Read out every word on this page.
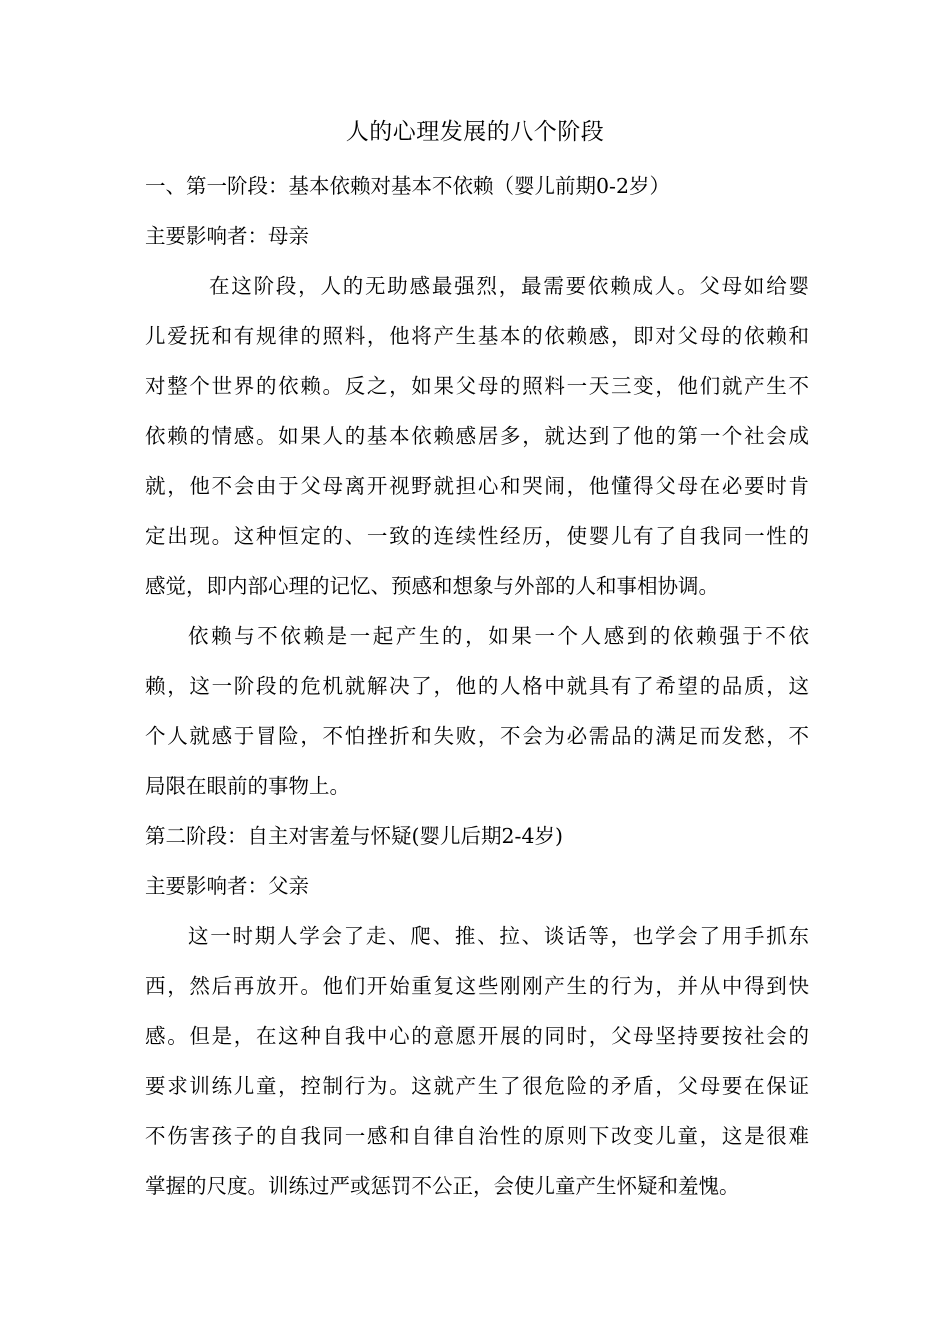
人的心理发展的八个阶段

一、第一阶段：基本依赖对基本不依赖（婴儿前期0-2岁）

主要影响者：母亲

在这阶段，人的无助感最强烈，最需要依赖成人。父母如给婴

儿爱抚和有规律的照料，他将产生基本的依赖感，即对父母的依赖和

对整个世界的依赖。反之，如果父母的照料一天三变，他们就产生不

依赖的情感。如果人的基本依赖感居多，就达到了他的第一个社会成

就，他不会由于父母离开视野就担心和哭闹，他懂得父母在必要时肯

定出现。这种恒定的、一致的连续性经历，使婴儿有了自我同一性的

感觉，即内部心理的记忆、预感和想象与外部的人和事相协调。

依赖与不依赖是一起产生的，如果一个人感到的依赖强于不依

赖，这一阶段的危机就解决了，他的人格中就具有了希望的品质，这

个人就感于冒险，不怕挫折和失败，不会为必需品的满足而发愁，不

局限在眼前的事物上。

第二阶段：自主对害羞与怀疑(婴儿后期2-4岁)

主要影响者：父亲

这一时期人学会了走、爬、推、拉、谈话等，也学会了用手抓东

西，然后再放开。他们开始重复这些刚刚产生的行为，并从中得到快

感。但是，在这种自我中心的意愿开展的同时，父母坚持要按社会的

要求训练儿童，控制行为。这就产生了很危险的矛盾，父母要在保证

不伤害孩子的自我同一感和自律自治性的原则下改变儿童，这是很难

掌握的尺度。训练过严或惩罚不公正，会使儿童产生怀疑和羞愧。
